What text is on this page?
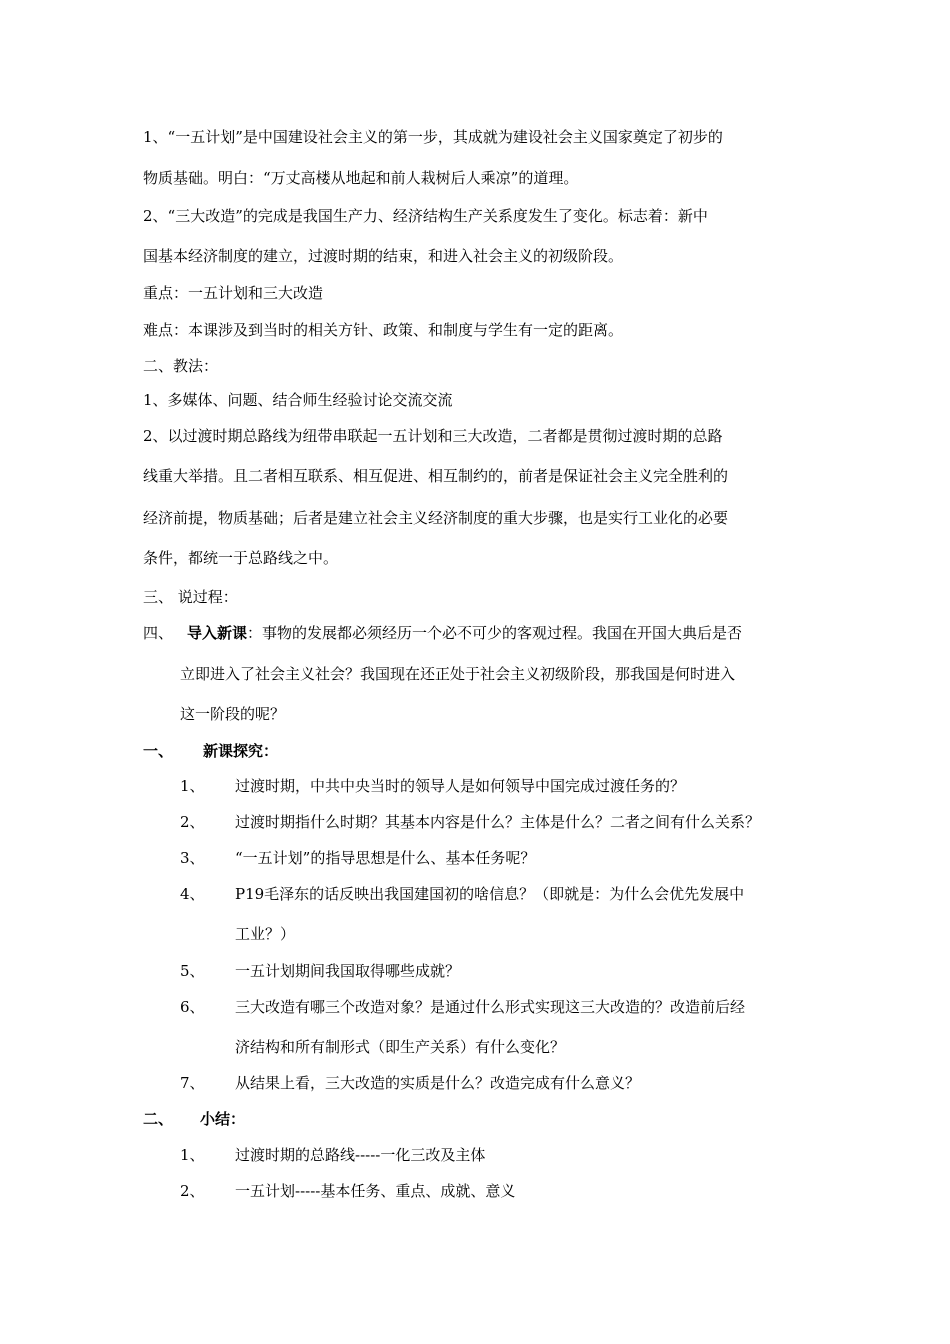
1、“一五计划”是中国建设社会主义的第一步，其成就为建设社会主义国家奠定了初步的
物质基础。明白：“万丈高楼从地起和前人栽树后人乘凉”的道理。
2、“三大改造”的完成是我国生产力、经济结构生产关系度发生了变化。标志着：新中
国基本经济制度的建立，过渡时期的结束，和进入社会主义的初级阶段。
重点：一五计划和三大改造
难点：本课涉及到当时的相关方针、政策、和制度与学生有一定的距离。
二、教法：
1、多媒体、问题、结合师生经验讨论交流交流
2、以过渡时期总路线为纽带串联起一五计划和三大改造，二者都是贯彻过渡时期的总路
线重大举措。且二者相互联系、相互促进、相互制约的，前者是保证社会主义完全胜利的
经济前提，物质基础；后者是建立社会主义经济制度的重大步骤，也是实行工业化的必要
条件，都统一于总路线之中。
三、 说过程：
四、 导入新课：事物的发展都必须经历一个必不可少的客观过程。我国在开国大典后是否
立即进入了社会主义社会？我国现在还正处于社会主义初级阶段，那我国是何时进入
这一阶段的呢？
一、 新课探究：
1、 过渡时期，中共中央当时的领导人是如何领导中国完成过渡任务的？
2、 过渡时期指什么时期？其基本内容是什么？主体是什么？二者之间有什么关系？
3、 “一五计划”的指导思想是什么、基本任务呢？
4、 P19毛泽东的话反映出我国建国初的啥信息？（即就是：为什么会优先发展中
工业？）
5、 一五计划期间我国取得哪些成就？
6、 三大改造有哪三个改造对象？是通过什么形式实现这三大改造的？改造前后经
济结构和所有制形式（即生产关系）有什么变化？
7、 从结果上看，三大改造的实质是什么？改造完成有什么意义？
二、 小结：
1、 过渡时期的总路线-----一化三改及主体
2、 一五计划-----基本任务、重点、成就、意义
